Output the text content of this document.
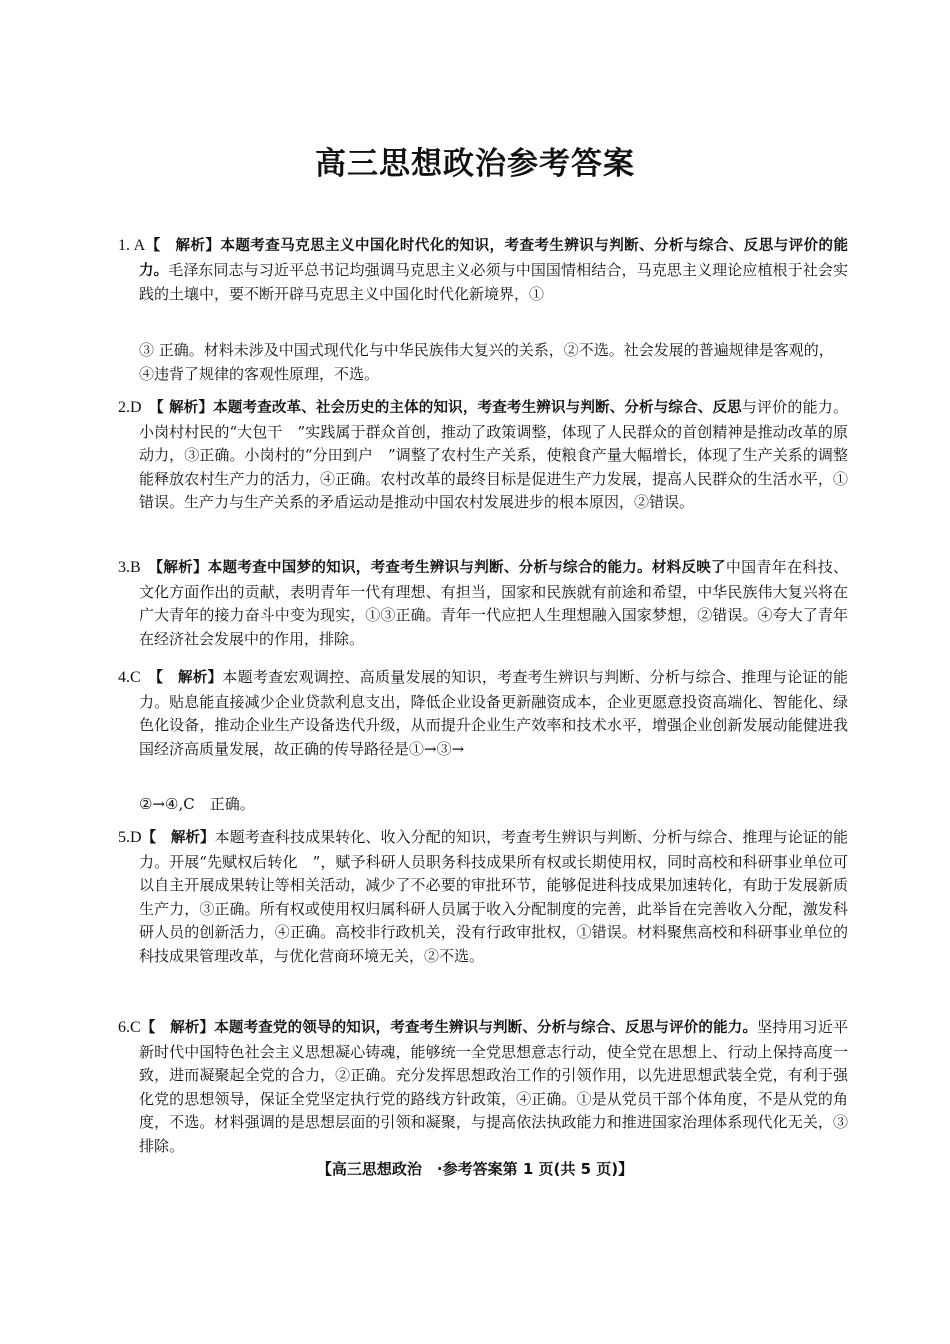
高三思想政治参考答案
1. A【　解析】本题考查马克思主义中国化时代化的知识，考查考生辨识与判断、分析与综合、反思与评价的能力。毛泽东同志与习近平总书记均强调马克思主义必须与中国国情相结合，马克思主义理论应植根于社会实践的土壤中，要不断开辟马克思主义中国化时代化新境界，①
③ 正确。材料未涉及中国式现代化与中华民族伟大复兴的关系，②不选。社会发展的普遍规律是客观的，④违背了规律的客观性原理，不选。
2.D　【 解析】本题考查改革、社会历史的主体的知识，考查考生辨识与判断、分析与综合、反思与评价的能力。小岗村村民的“大包干　”实践属于群众首创，推动了政策调整，体现了人民群众的首创精神是推动改革的原动力，③正确。小岗村的“分田到户　”调整了农村生产关系，使粮食产量大幅增长，体现了生产关系的调整能释放农村生产力的活力，④正确。农村改革的最终目标是促进生产力发展，提高人民群众的生活水平，①错误。生产力与生产关系的矛盾运动是推动中国农村发展进步的根本原因，②错误。
3.B　【解析】本题考查中国梦的知识，考查考生辨识与判断、分析与综合的能力。材料反映了中国青年在科技、文化方面作出的贡献，表明青年一代有理想、有担当，国家和民族就有前途和希望，中华民族伟大复兴将在广大青年的接力奋斗中变为现实，①③正确。青年一代应把人生理想融入国家梦想，②错误。④夸大了青年在经济社会发展中的作用，排除。
4.C　【　解析】本题考查宏观调控、高质量发展的知识，考查考生辨识与判断、分析与综合、推理与论证的能力。贴息能直接减少企业贷款利息支出，降低企业设备更新融资成本，企业更愿意投资高端化、智能化、绿色化设备，推动企业生产设备迭代升级，从而提升企业生产效率和技术水平，增强企业创新发展动能健进我国经济高质量发展，故正确的传导路径是①→③→
②→④,C　正确。
5.D【　解析】本题考查科技成果转化、收入分配的知识，考查考生辨识与判断、分析与综合、推理与论证的能力。开展“先赋权后转化　”，赋予科研人员职务科技成果所有权或长期使用权，同时高校和科研事业单位可以自主开展成果转让等相关活动，减少了不必要的审批环节，能够促进科技成果加速转化，有助于发展新质生产力，③正确。所有权或使用权归属科研人员属于收入分配制度的完善，此举旨在完善收入分配，激发科研人员的创新活力，④正确。高校非行政机关，没有行政审批权，①错误。材料聚焦高校和科研事业单位的科技成果管理改革，与优化营商环境无关，②不选。
6.C【　解析】本题考查党的领导的知识，考查考生辨识与判断、分析与综合、反思与评价的能力。坚持用习近平新时代中国特色社会主义思想凝心铸魂，能够统一全党思想意志行动，使全党在思想上、行动上保持高度一致，进而凝聚起全党的合力，②正确。充分发挥思想政治工作的引领作用，以先进思想武装全党，有利于强化党的思想领导，保证全党坚定执行党的路线方针政策，④正确。①是从党员干部个体角度，不是从党的角度，不选。材料强调的是思想层面的引领和凝聚，与提高依法执政能力和推进国家治理体系现代化无关，③排除。
【高三思想政治　·参考答案第 1 页(共 5 页)】
